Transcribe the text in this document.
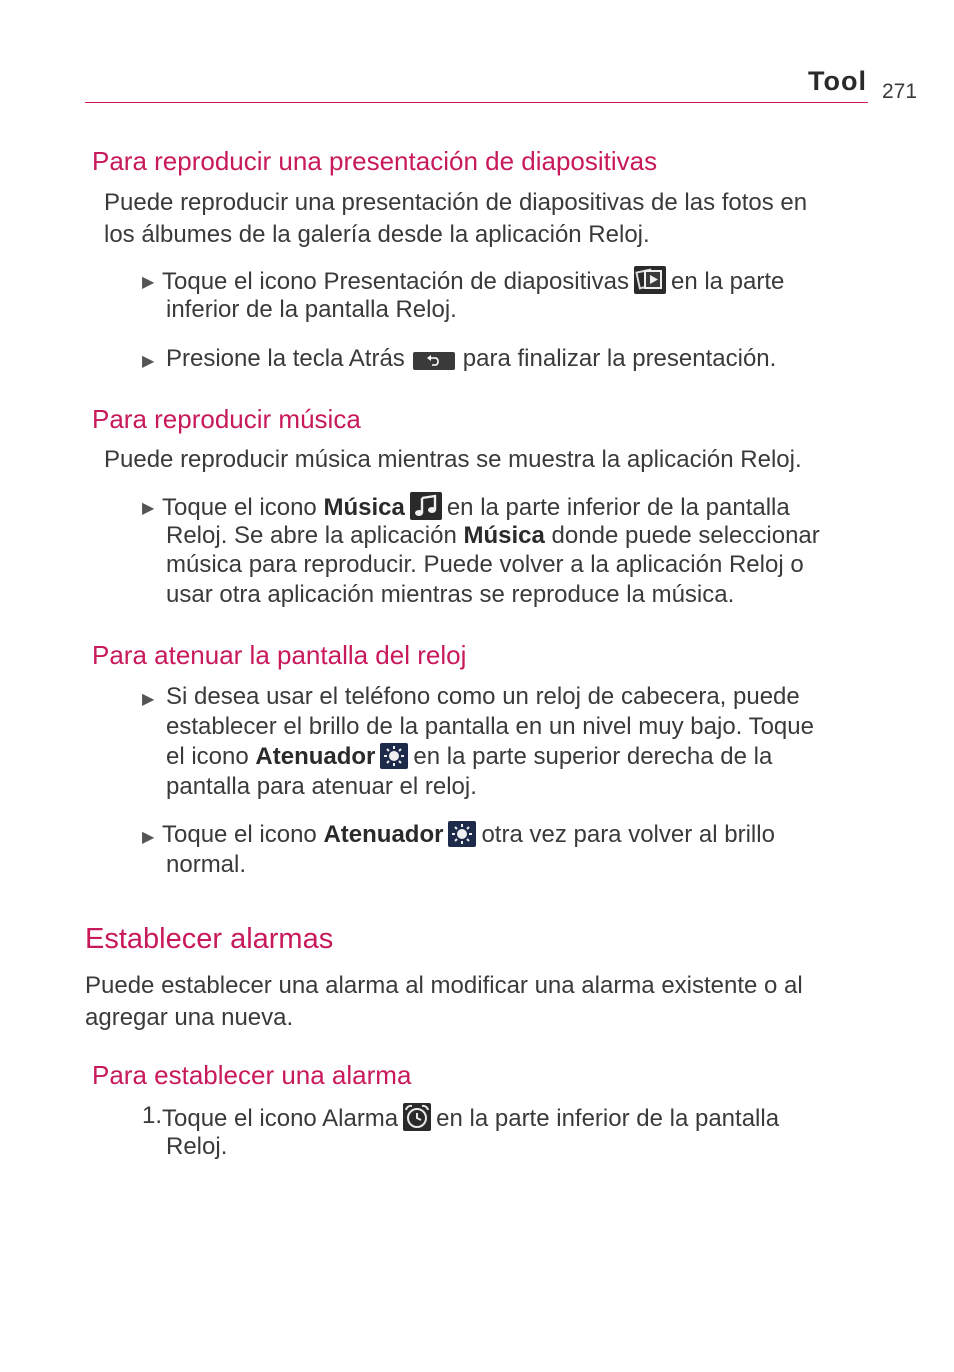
Tool 271
Para reproducir una presentación de diapositivas
Puede reproducir una presentación de diapositivas de las fotos en
los álbumes de la galería desde la aplicación Reloj.
▶ Toque el icono Presentación de diapositivas en la parte
inferior de la pantalla Reloj.
▶ Presione la tecla Atrás para finalizar la presentación.
Para reproducir música
Puede reproducir música mientras se muestra la aplicación Reloj.
▶ Toque el icono Música en la parte inferior de la pantalla
Reloj. Se abre la aplicación Música donde puede seleccionar
música para reproducir. Puede volver a la aplicación Reloj o
usar otra aplicación mientras se reproduce la música.
Para atenuar la pantalla del reloj
▶ Si desea usar el teléfono como un reloj de cabecera, puede
establecer el brillo de la pantalla en un nivel muy bajo. Toque
el icono Atenuador en la parte superior derecha de la
pantalla para atenuar el reloj.
▶ Toque el icono Atenuador otra vez para volver al brillo
normal.
Establecer alarmas
Puede establecer una alarma al modificar una alarma existente o al
agregar una nueva.
Para establecer una alarma
1. Toque el icono Alarma en la parte inferior de la pantalla
Reloj.
